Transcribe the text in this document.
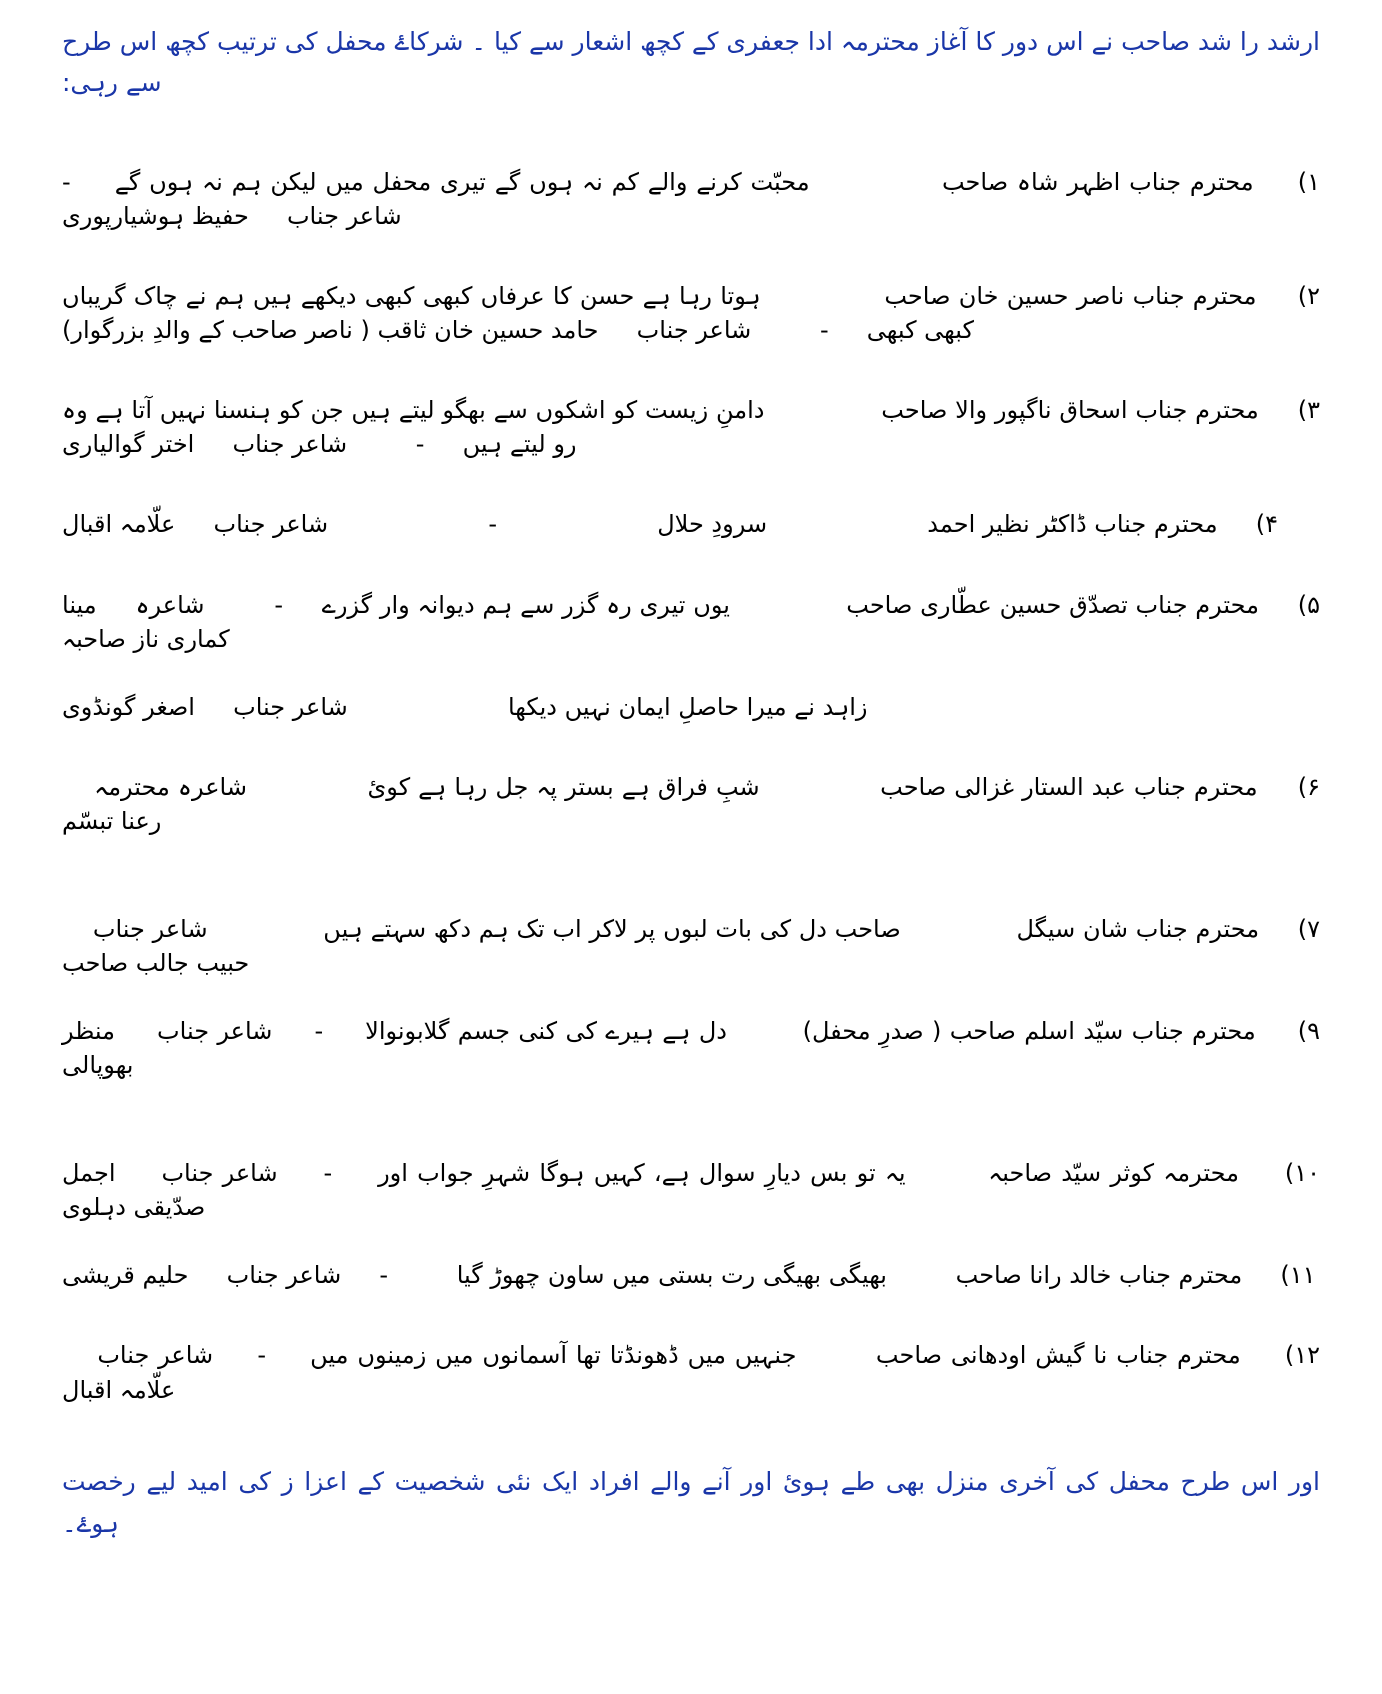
ارشد را شد صاحب نے اس دور کا آغاز محترمہ ادا جعفری کے کچھ اشعار سے کیا ۔ شرکاۓ محفل کی ترتیب کچھ اس طرح سے رہی:

۱) محترم جناب اظہر شاہ صاحب محبّت کرنے والے کم نہ ہوں گے تیری محفل میں لیکن ہم نہ ہوں گے - شاعر جناب حفیظ ہوشیارپوری
۲) محترم جناب ناصر حسین خان صاحب ہوتا رہا ہے حسن کا عرفاں کبھی کبھی دیکھے ہیں ہم نے چاک گریباں کبھی کبھی - شاعر جناب حامد حسین خان ثاقب ( ناصر صاحب کے والدِ بزرگوار)
۳) محترم جناب اسحاق ناگپور والا صاحب دامنِ زیست کو اشکوں سے بھگو لیتے ہیں جن کو ہنسنا نہیں آتا ہے وہ رو لیتے ہیں - شاعر جناب اختر گوالیاری
۴) محترم جناب ڈاکٹر نظیر احمد سرودِ حلال - شاعر جناب علّامہ اقبال
۵) محترم جناب تصدّق حسین عطّاری صاحب یوں تیری رہ گزر سے ہم دیوانہ وار گزرے - شاعرہ مینا کماری ناز صاحبہ
زاہد نے میرا حاصلِ ایمان نہیں دیکھا شاعر جناب اصغر گونڈوی
۶) محترم جناب عبد الستار غزالی صاحب شبِ فراق ہے بستر پہ جل رہا ہے کوئ شاعرہ محترمہ رعنا تبسّم
۷) محترم جناب شان سیگل صاحب دل کی بات لبوں پر لاکر اب تک ہم دکھ سہتے ہیں شاعر جناب حبیب جالب صاحب
۹) محترم جناب سیّد اسلم صاحب ( صدرِ محفل) دل ہے ہیرے کی کنی جسم گلابونوالا - شاعر جناب منظر بھوپالی
۱۰) محترمہ کوثر سیّد صاحبہ یہ تو بس دیارِ سوال ہے، کہیں ہوگا شہرِ جواب اور - شاعر جناب اجمل صدّیقی دہلوی
۱۱) محترم جناب خالد رانا صاحب بھیگی بھیگی رت بستی میں ساون چھوڑ گیا - شاعر جناب حلیم قریشی
۱۲) محترم جناب نا گیش اودھانی صاحب جنہیں میں ڈھونڈتا تھا آسمانوں میں زمینوں میں - شاعر جناب علّامہ اقبال

اور اس طرح محفل کی آخری منزل بھی طے ہوئ اور آنے والے افراد ایک نئی شخصیت کے اعزا ز کی امید لیے رخصت ہوۓ۔
